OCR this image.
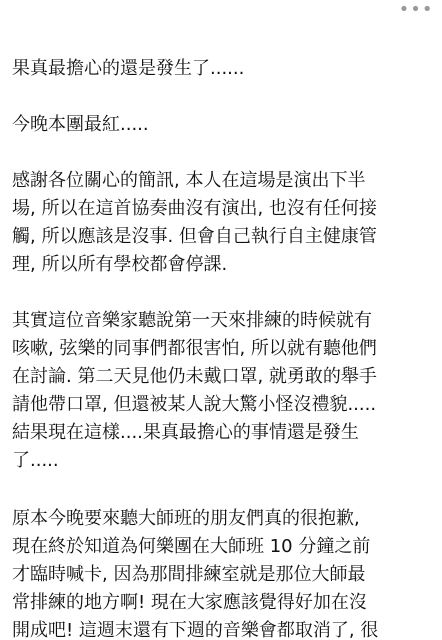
•••

果真最擔心的還是發生了......

今晚本團最紅.....

感謝各位關心的簡訊, 本人在這場是演出下半
場, 所以在這首協奏曲沒有演出, 也沒有任何接
觸, 所以應該是沒事. 但會自己執行自主健康管
理, 所以所有學校都會停課.

其實這位音樂家聽說第一天來排練的時候就有
咳嗽, 弦樂的同事們都很害怕, 所以就有聽他們
在討論. 第二天見他仍未戴口罩, 就勇敢的舉手
請他帶口罩, 但還被某人說大驚小怪沒禮貌.....
結果現在這樣....果真最擔心的事情還是發生
了.....

原本今晚要來聽大師班的朋友們真的很抱歉,
現在終於知道為何樂團在大師班 10 分鐘之前
才臨時喊卡, 因為那間排練室就是那位大師最
常排練的地方啊! 現在大家應該覺得好加在沒
開成吧! 這週末還有下週的音樂會都取消了, 很
